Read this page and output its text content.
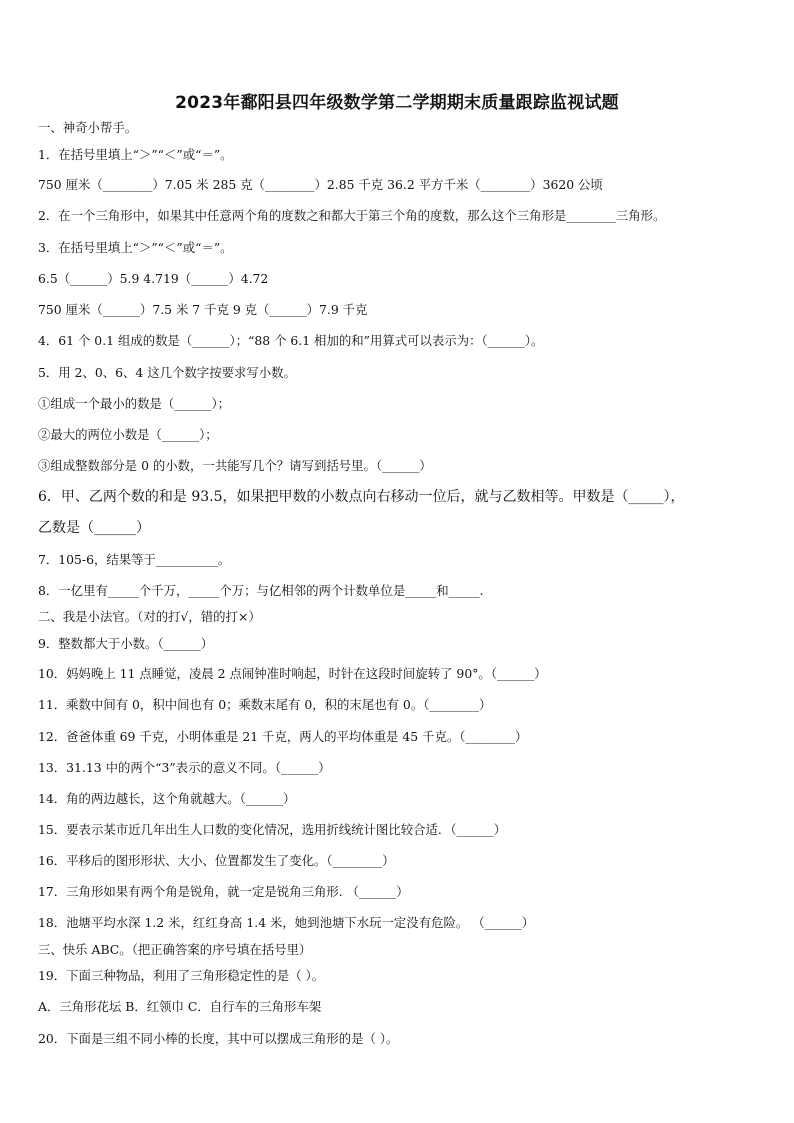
2023年鄱阳县四年级数学第二学期期末质量跟踪监视试题
一、神奇小帮手。
1．在括号里填上“＞”“＜”或“＝”。
750 厘米（________）7.05 米 285 克（________）2.85 千克 36.2 平方千米（________）3620 公顷
2．在一个三角形中，如果其中任意两个角的度数之和都大于第三个角的度数，那么这个三角形是________三角形。
3．在括号里填上“＞”“＜”或“＝”。
6.5（______）5.9 4.719（______）4.72
750 厘米（______）7.5 米 7 千克 9 克（______）7.9 千克
4．61 个 0.1 组成的数是（______）；“88 个 6.1 相加的和”用算式可以表示为：（______）。
5．用 2、0、6、4 这几个数字按要求写小数。
①组成一个最小的数是（______）；
②最大的两位小数是（______）；
③组成整数部分是 0 的小数，一共能写几个？请写到括号里。（______）
6．甲、乙两个数的和是 93.5，如果把甲数的小数点向右移动一位后，就与乙数相等。甲数是（_____），
乙数是（______）
7．105-6，结果等于__________。
8．一亿里有_____个千万，_____个万；与亿相邻的两个计数单位是_____和_____.
二、我是小法官。（对的打√，错的打×）
9．整数都大于小数。（______）
10．妈妈晚上 11 点睡觉，凌晨 2 点闹钟准时响起，时针在这段时间旋转了 90°。（______）
11．乘数中间有 0，积中间也有 0；乘数末尾有 0，积的末尾也有 0。（________）
12．爸爸体重 69 千克，小明体重是 21 千克，两人的平均体重是 45 千克。（________）
13．31.13 中的两个“3”表示的意义不同。（______）
14．角的两边越长，这个角就越大。（______）
15．要表示某市近几年出生人口数的变化情况，选用折线统计图比较合适．（______）
16．平移后的图形形状、大小、位置都发生了变化。（________）
17．三角形如果有两个角是锐角，就一定是锐角三角形. （______）
18．池塘平均水深 1.2 米，红红身高 1.4 米，她到池塘下水玩一定没有危险。 （______）
三、快乐 ABC。（把正确答案的序号填在括号里）
19．下面三种物品，利用了三角形稳定性的是（ ）。
A．三角形花坛 B．红领巾 C．自行车的三角形车架
20．下面是三组不同小棒的长度，其中可以摆成三角形的是（ ）。
